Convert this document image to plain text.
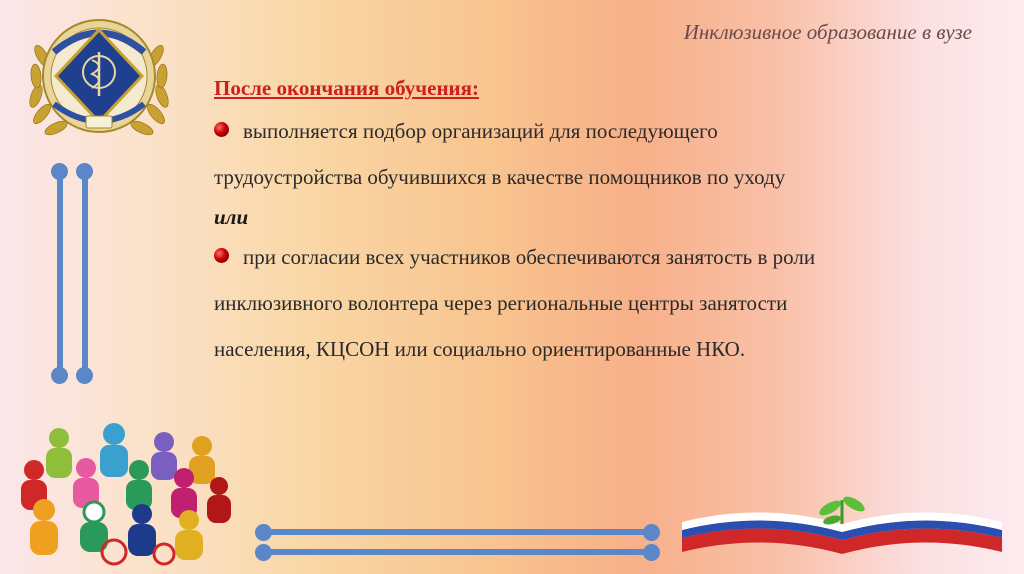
Инклюзивное образование в вузе

После окончания обучения:

выполняется подбор организаций для последующего

трудоустройства обучившихся в качестве помощников по уходу

или

при согласии всех участников обеспечиваются занятость в роли

инклюзивного волонтера через региональные центры занятости

населения, КЦСОН или социально ориентированные НКО.
